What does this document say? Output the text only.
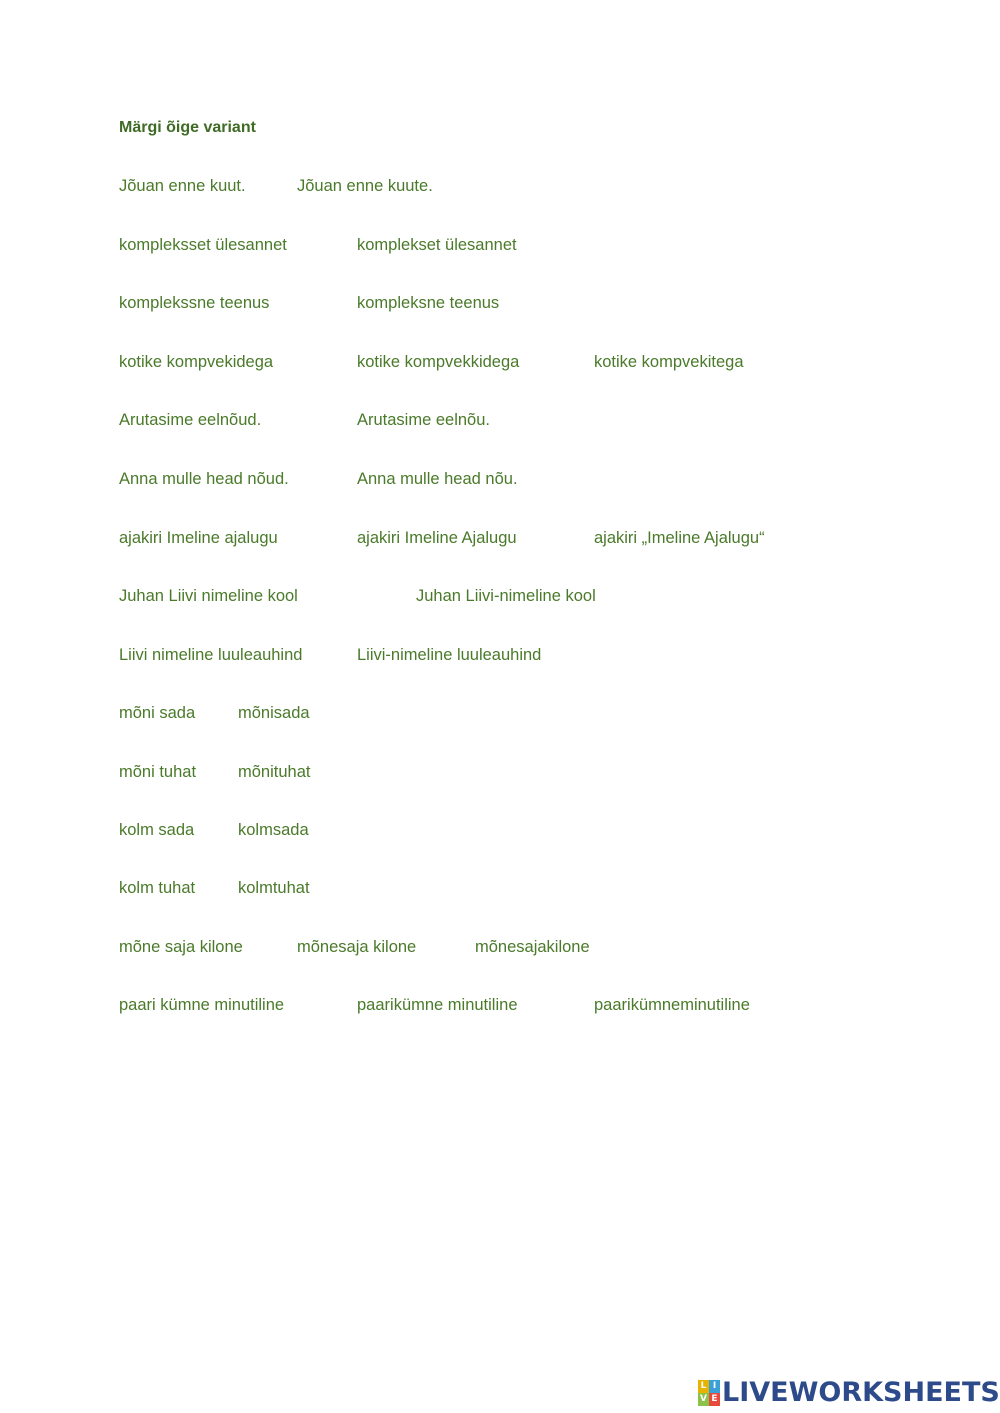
Märgi õige variant
Jõuan enne kuut.	Jõuan enne kuute.
kompleksset ülesannet	komplekset ülesannet
komplekssne teenus	kompleksne teenus
kotike kompvekidega	kotike kompvekkidega	kotike kompvekitega
Arutasime eelnõud.	Arutasime eelnõu.
Anna mulle head nõud.	Anna mulle head nõu.
ajakiri Imeline ajalugu	ajakiri Imeline Ajalugu	ajakiri „Imeline Ajalugu“
Juhan Liivi nimeline kool	Juhan Liivi-nimeline kool
Liivi nimeline luuleauhind	Liivi-nimeline luuleauhind
mõni sada	mõnisada
mõni tuhat	mõnituhat
kolm sada	kolmsada
kolm tuhat	kolmtuhat
mõne saja kilone	mõnesaja kilone	mõnesajakilone
paari kümne minutiline	paarikümne minutiline	paarikümneminutiline
L I
V E LIVEWORKSHEETS
